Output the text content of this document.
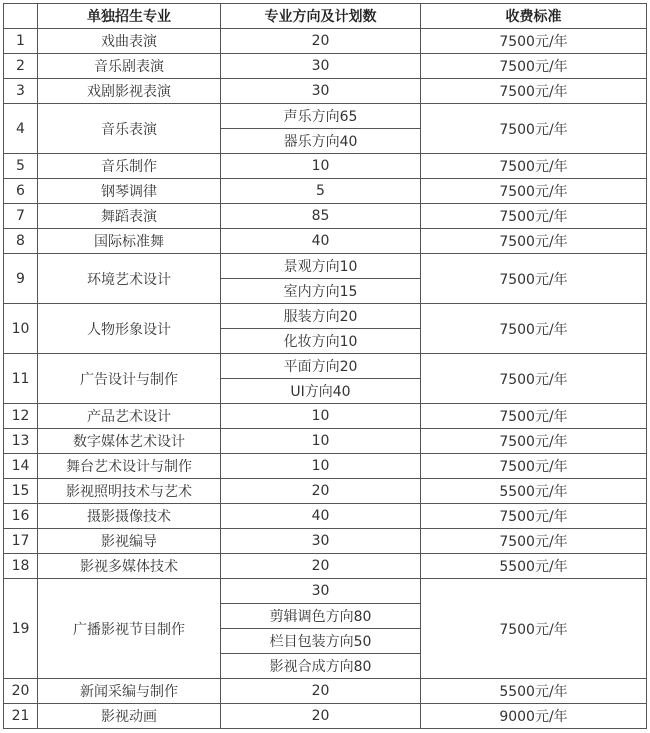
	单独招生专业	专业方向及计划数	收费标准
1	戏曲表演	20	7500元/年
2	音乐剧表演	30	7500元/年
3	戏剧影视表演	30	7500元/年
4	音乐表演	声乐方向65	7500元/年
		器乐方向40	
5	音乐制作	10	7500元/年
6	钢琴调律	5	7500元/年
7	舞蹈表演	85	7500元/年
8	国际标准舞	40	7500元/年
9	环境艺术设计	景观方向10	7500元/年
		室内方向15	
10	人物形象设计	服装方向20	7500元/年
		化妆方向10	
11	广告设计与制作	平面方向20	7500元/年
		UI方向40	
12	产品艺术设计	10	7500元/年
13	数字媒体艺术设计	10	7500元/年
14	舞台艺术设计与制作	10	7500元/年
15	影视照明技术与艺术	20	5500元/年
16	摄影摄像技术	40	7500元/年
17	影视编导	30	7500元/年
18	影视多媒体技术	20	5500元/年
19	广播影视节目制作	30	7500元/年
		剪辑调色方向80	
		栏目包装方向50	
		影视合成方向80	
20	新闻采编与制作	20	5500元/年
21	影视动画	20	9000元/年
